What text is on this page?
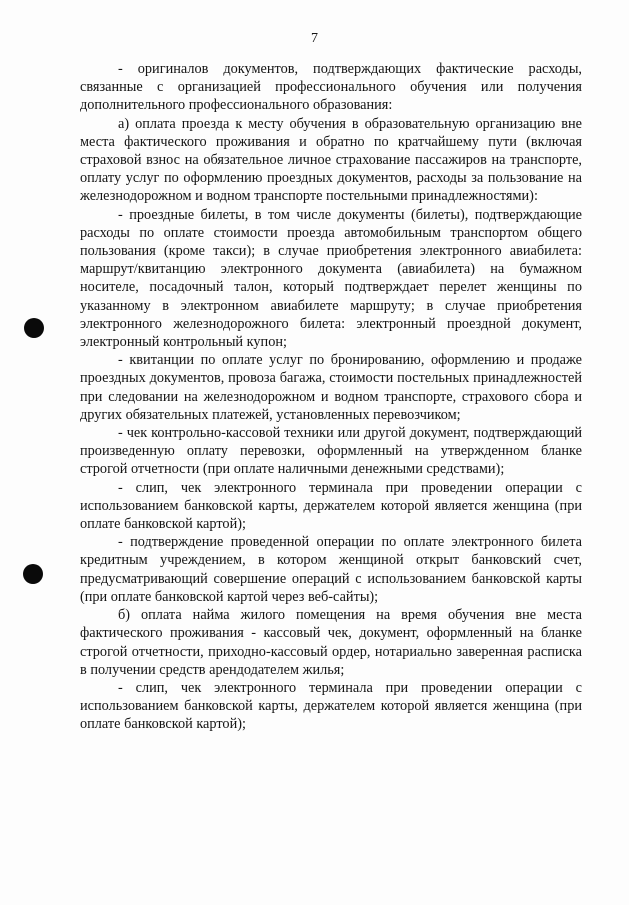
7

- оригиналов документов, подтверждающих фактические расходы, связанные с организацией профессионального обучения или получения дополнительного профессионального образования:

а) оплата проезда к месту обучения в образовательную организацию вне места фактического проживания и обратно по кратчайшему пути (включая страховой взнос на обязательное личное страхование пассажиров на транспорте, оплату услуг по оформлению проездных документов, расходы за пользование на железнодорожном и водном транспорте постельными принадлежностями):

- проездные билеты, в том числе документы (билеты), подтверждающие расходы по оплате стоимости проезда автомобильным транспортом общего пользования (кроме такси); в случае приобретения электронного авиабилета: маршрут/квитанцию электронного документа (авиабилета) на бумажном носителе, посадочный талон, который подтверждает перелет женщины по указанному в электронном авиабилете маршруту; в случае приобретения электронного железнодорожного билета: электронный проездной документ, электронный контрольный купон;

- квитанции по оплате услуг по бронированию, оформлению и продаже проездных документов, провоза багажа, стоимости постельных принадлежностей при следовании на железнодорожном и водном транспорте, страхового сбора и других обязательных платежей, установленных перевозчиком;

- чек контрольно-кассовой техники или другой документ, подтверждающий произведенную оплату перевозки, оформленный на утвержденном бланке строгой отчетности (при оплате наличными денежными средствами);

- слип, чек электронного терминала при проведении операции с использованием банковской карты, держателем которой является женщина (при оплате банковской картой);

- подтверждение проведенной операции по оплате электронного билета кредитным учреждением, в котором женщиной открыт банковский счет, предусматривающий совершение операций с использованием банковской карты (при оплате банковской картой через веб-сайты);

б) оплата найма жилого помещения на время обучения вне места фактического проживания - кассовый чек, документ, оформленный на бланке строгой отчетности, приходно-кассовый ордер, нотариально заверенная расписка в получении средств арендодателем жилья;

- слип, чек электронного терминала при проведении операции с использованием банковской карты, держателем которой является женщина (при оплате банковской картой);
